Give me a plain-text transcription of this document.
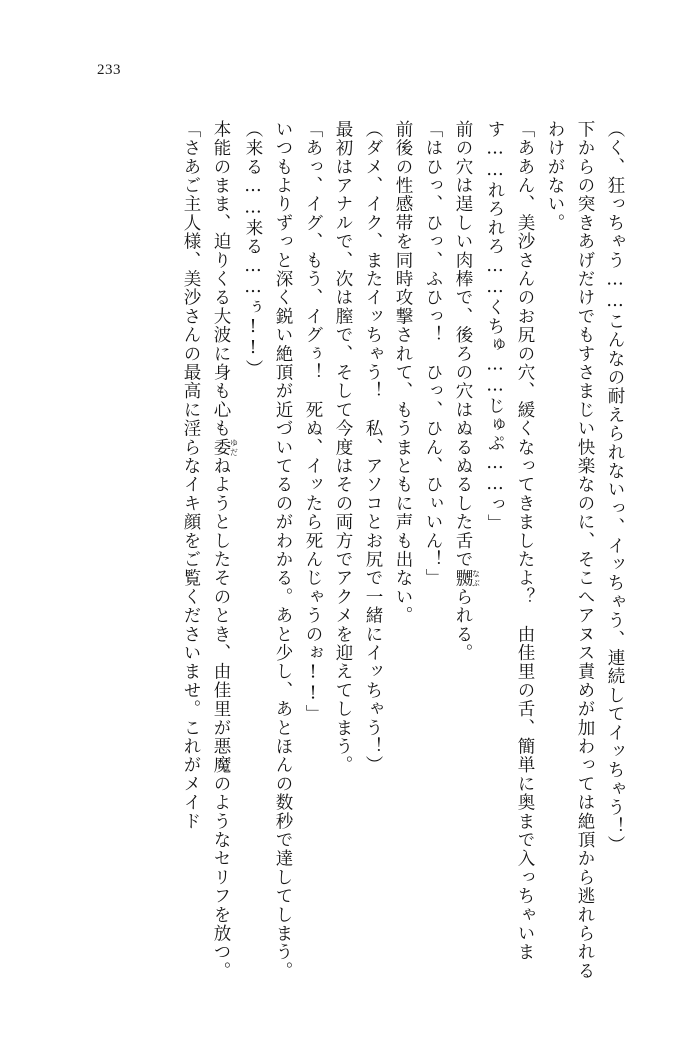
233
（く、狂っちゃう……こんなの耐えられないっ、イッちゃう、連続してイッちゃう！）
下からの突きあげだけでもすさまじい快楽なのに、そこへアヌス責めが加わっては絶頂から逃れられるわけがない。
「ああん、美沙さんのお尻の穴、緩くなってきましたよ？　由佳里の舌、簡単に奥まで入っちゃいます……れろれろ……くちゅ……じゅぷ……っ」
前の穴は逞しい肉棒で、後ろの穴はぬるぬるした舌で嬲なぶられる。
「はひっ、ひっ、ふひっ！　ひっ、ひん、ひぃいん！」
前後の性感帯を同時攻撃されて、もうまともに声も出ない。
（ダメ、イク、またイッちゃう！　私、アソコとお尻で一緒にイッちゃう！）
最初はアナルで、次は膣で、そして今度はその両方でアクメを迎えてしまう。
「あっ、イグ、もう、イグぅ！　死ぬ、イッたら死んじゃうのぉ!!」
いつもよりずっと深く鋭い絶頂が近づいてるのがわかる。あと少し、あとほんの数秒で達してしまう。
（来る……来る……ぅ!!）
本能のまま、迫りくる大波に身も心も委ゆだねようとしたそのとき、由佳里が悪魔のようなセリフを放つ。
「さあご主人様、美沙さんの最高に淫らなイキ顔をご覧くださいませ。これがメイド
